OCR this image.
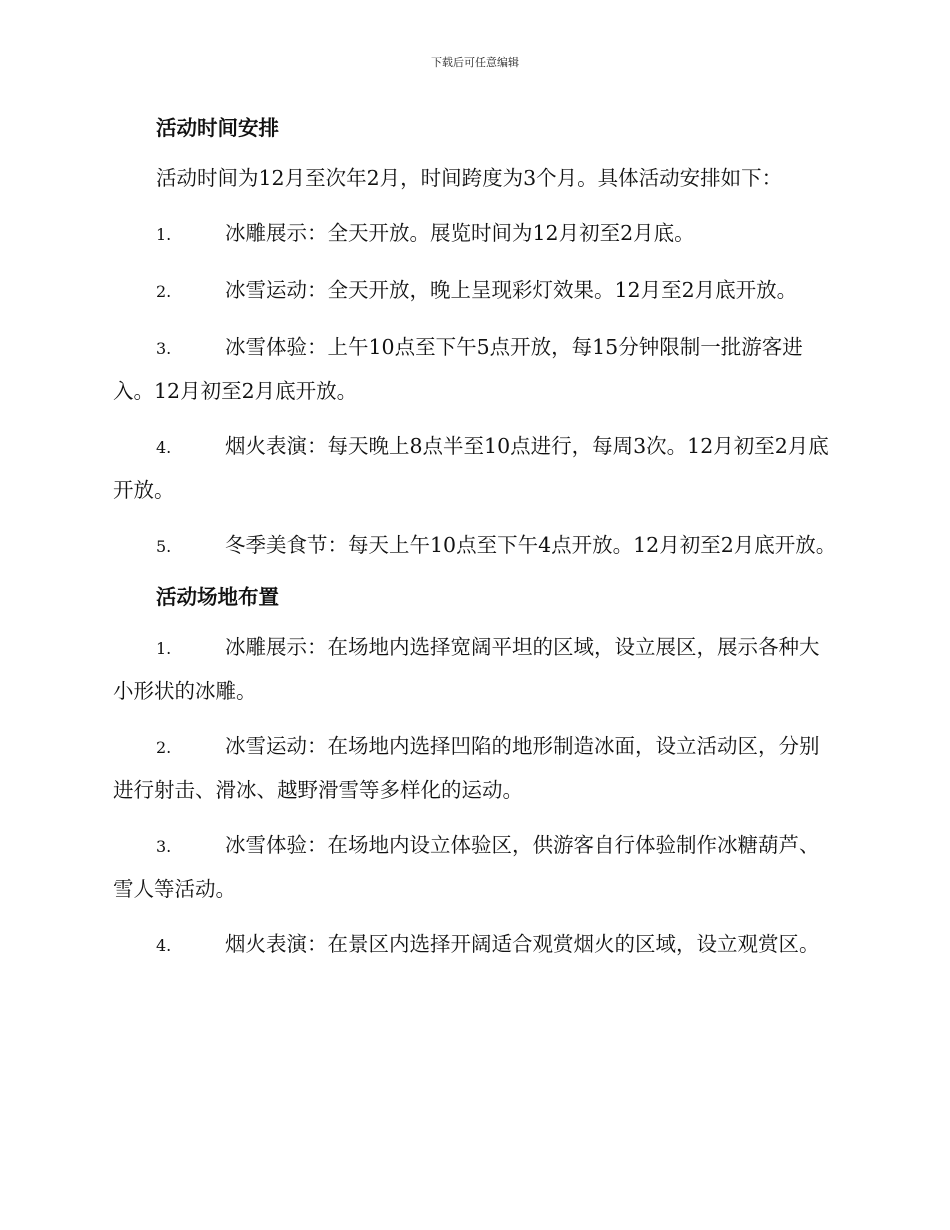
下载后可任意编辑
活动时间安排
活动时间为12月至次年2月，时间跨度为3个月。具体活动安排如下：
1.	冰雕展示：全天开放。展览时间为12月初至2月底。
2.	冰雪运动：全天开放，晚上呈现彩灯效果。12月至2月底开放。
3.	冰雪体验：上午10点至下午5点开放，每15分钟限制一批游客进入。12月初至2月底开放。
4.	烟火表演：每天晚上8点半至10点进行，每周3次。12月初至2月底开放。
5.	冬季美食节：每天上午10点至下午4点开放。12月初至2月底开放。
活动场地布置
1.	冰雕展示：在场地内选择宽阔平坦的区域，设立展区，展示各种大小形状的冰雕。
2.	冰雪运动：在场地内选择凹陷的地形制造冰面，设立活动区，分别进行射击、滑冰、越野滑雪等多样化的运动。
3.	冰雪体验：在场地内设立体验区，供游客自行体验制作冰糖葫芦、雪人等活动。
4.	烟火表演：在景区内选择开阔适合观赏烟火的区域，设立观赏区。
